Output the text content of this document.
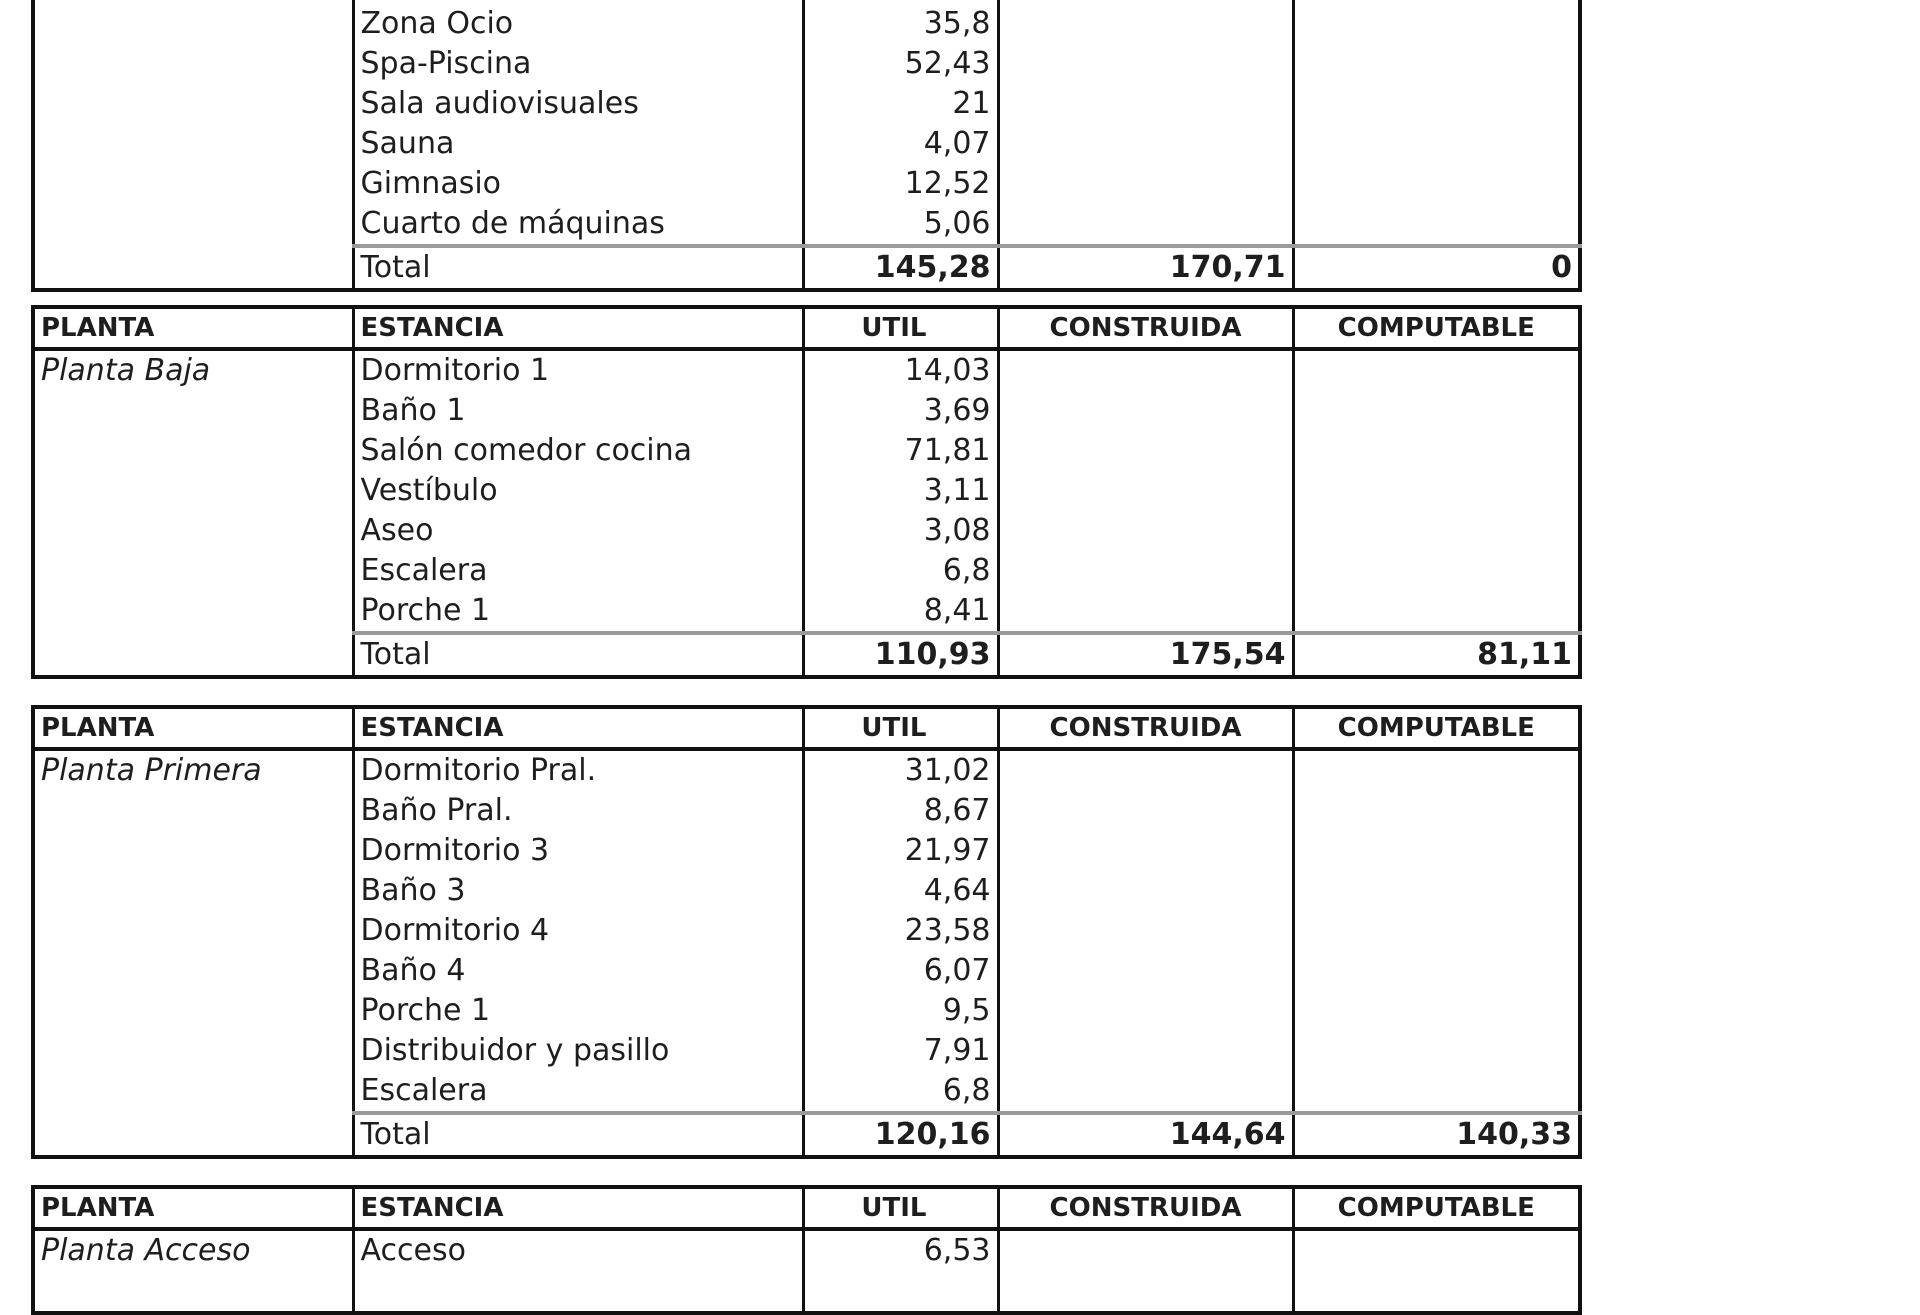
	Zona Ocio	35,8		
	Spa-Piscina	52,43		
	Sala audiovisuales	21		
	Sauna	4,07		
	Gimnasio	12,52		
	Cuarto de máquinas	5,06		
	Total	145,28	170,71	0
PLANTA	ESTANCIA	UTIL	CONSTRUIDA	COMPUTABLE
Planta Baja	Dormitorio 1	14,03		
	Baño 1	3,69		
	Salón comedor cocina	71,81		
	Vestíbulo	3,11		
	Aseo	3,08		
	Escalera	6,8		
	Porche 1	8,41		
	Total	110,93	175,54	81,11
PLANTA	ESTANCIA	UTIL	CONSTRUIDA	COMPUTABLE
Planta Primera	Dormitorio Pral.	31,02		
	Baño Pral.	8,67		
	Dormitorio 3	21,97		
	Baño 3	4,64		
	Dormitorio 4	23,58		
	Baño 4	6,07		
	Porche 1	9,5		
	Distribuidor y pasillo	7,91		
	Escalera	6,8		
	Total	120,16	144,64	140,33
PLANTA	ESTANCIA	UTIL	CONSTRUIDA	COMPUTABLE
Planta Acceso	Acceso	6,53		
